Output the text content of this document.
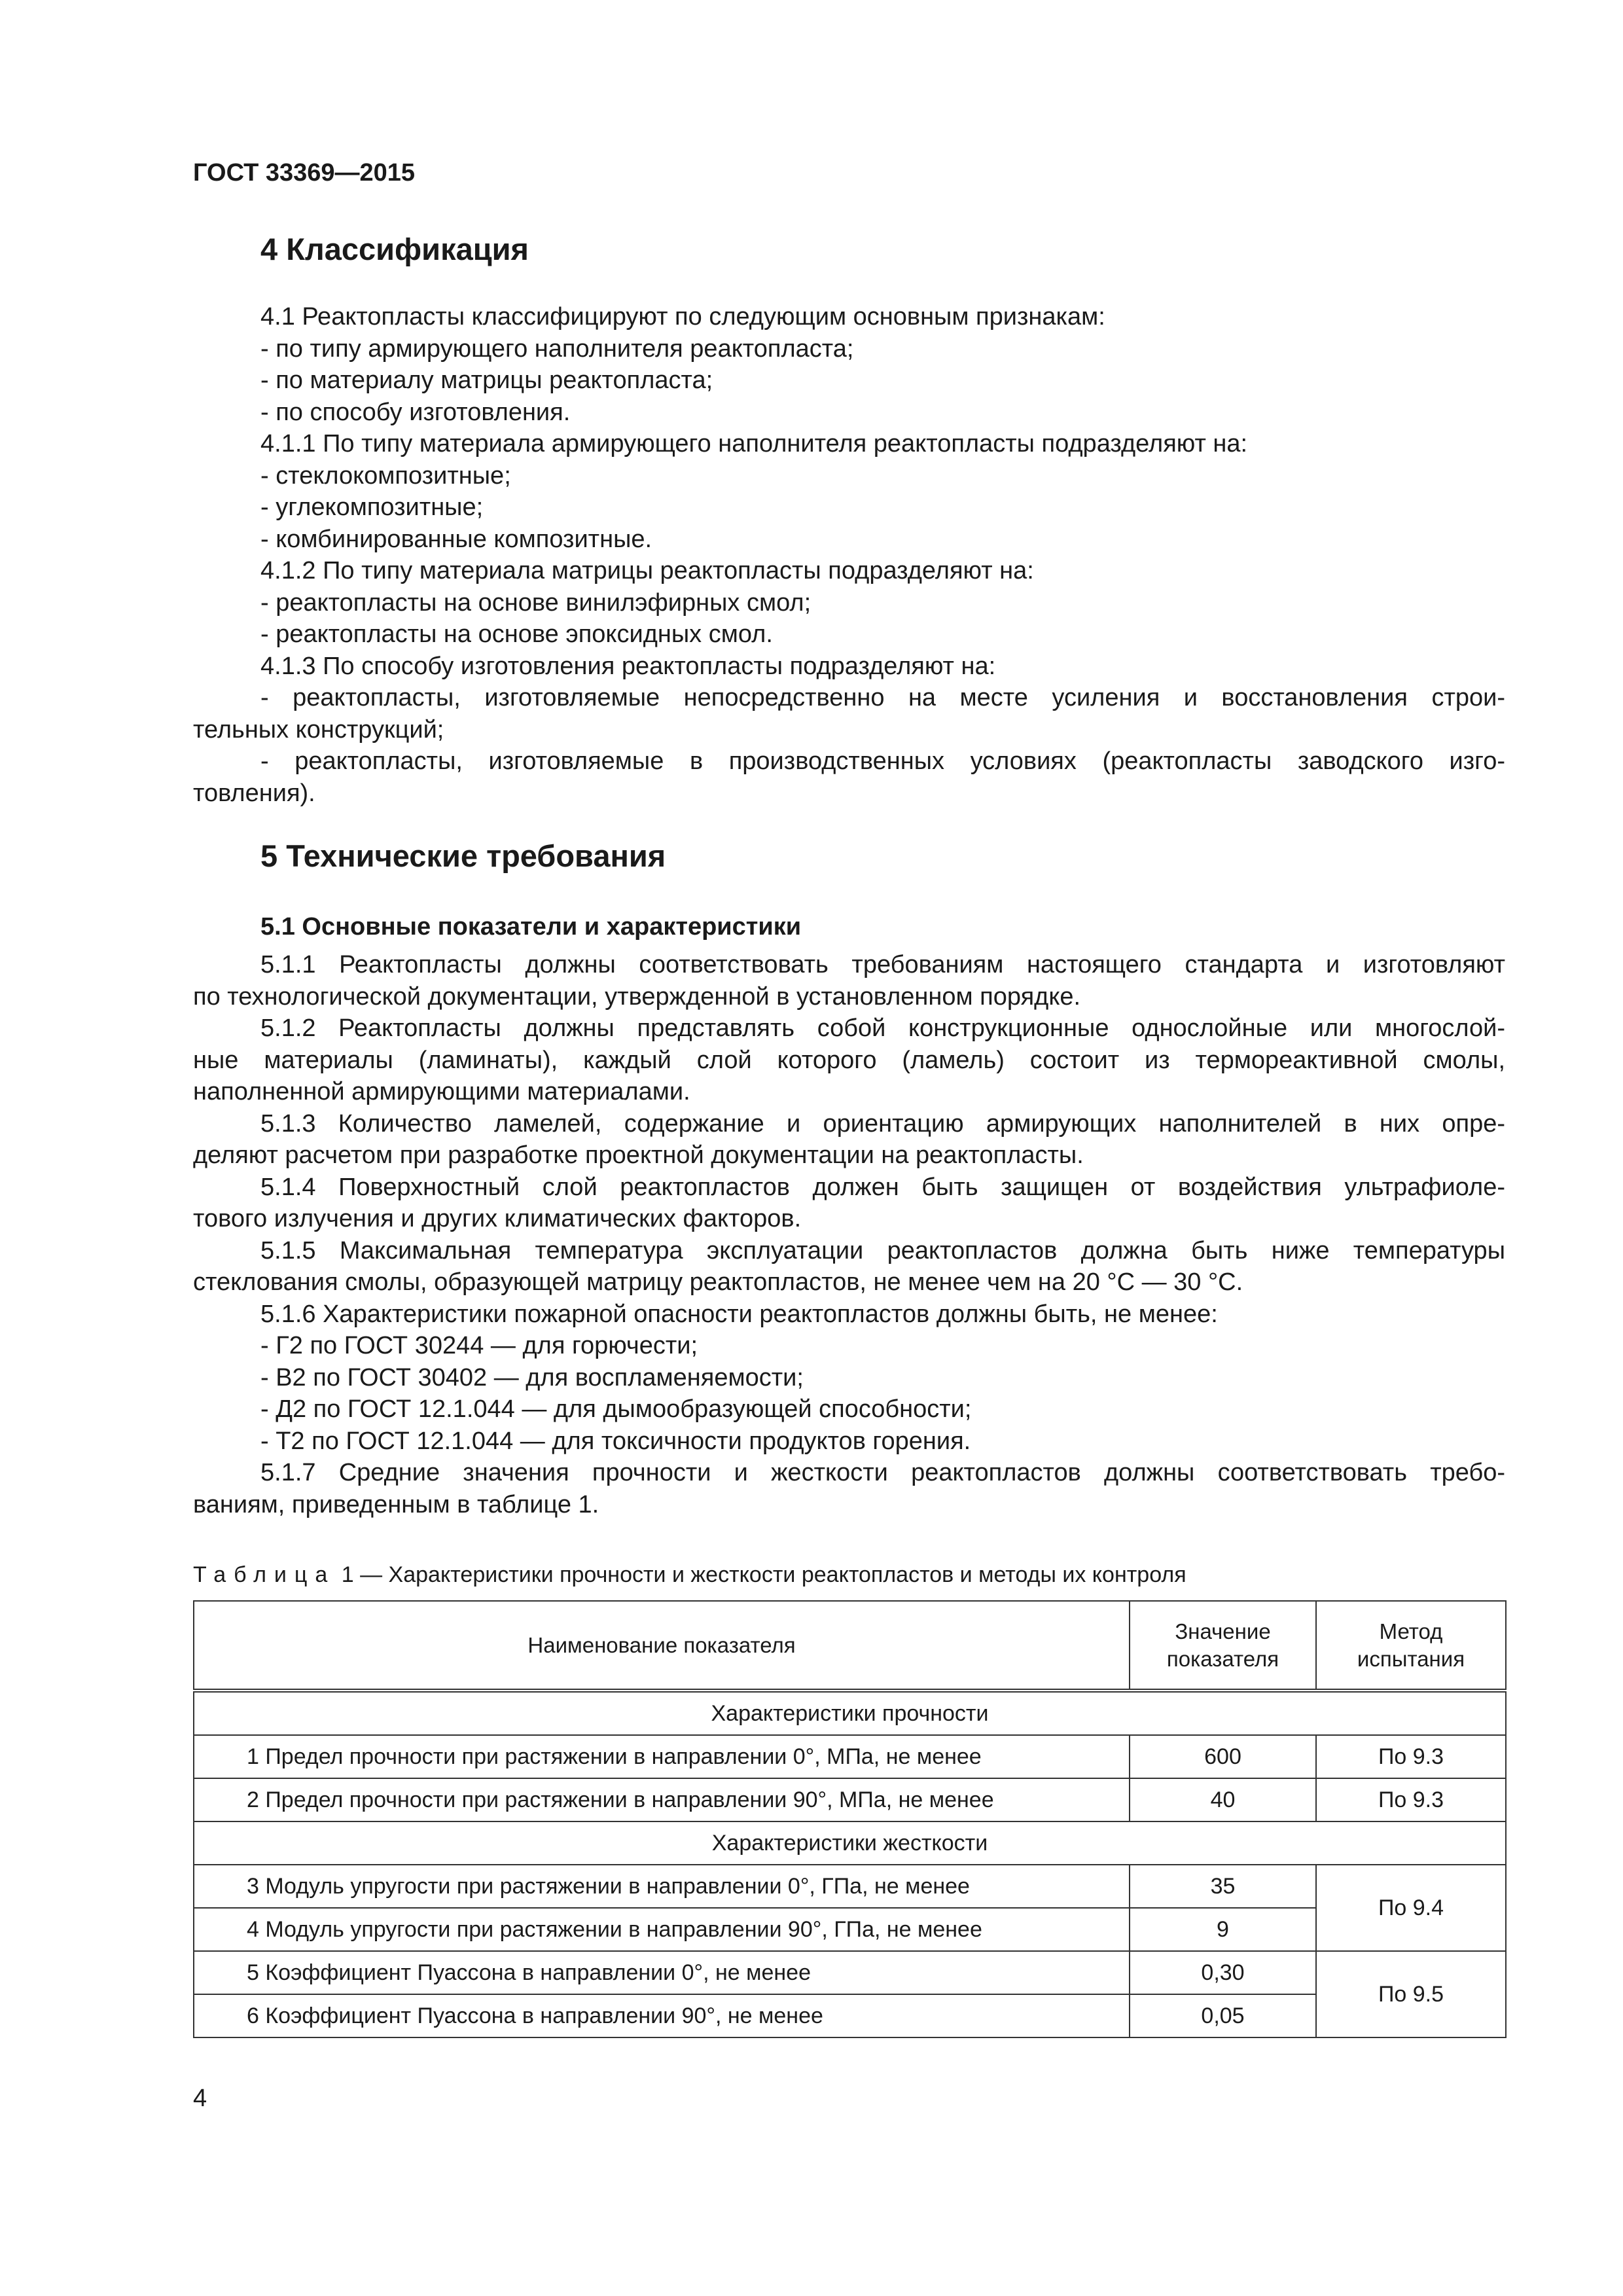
ГОСТ 33369—2015
4 Классификация

4.1 Реактопласты классифицируют по следующим основным признакам:

- по типу армирующего наполнителя реактопласта;

- по материалу матрицы реактопласта;

- по способу изготовления.

4.1.1 По типу материала армирующего наполнителя реактопласты подразделяют на:

- стеклокомпозитные;

- углекомпозитные;

- комбинированные композитные.

4.1.2 По типу материала матрицы реактопласты подразделяют на:

- реактопласты на основе винилэфирных смол;

- реактопласты на основе эпоксидных смол.

4.1.3 По способу изготовления реактопласты подразделяют на:

- реактопласты, изготовляемые непосредственно на месте усиления и восстановления строи-

тельных конструкций;

- реактопласты, изготовляемые в производственных условиях (реактопласты заводского изго-

товления).

5 Технические требования
5.1 Основные показатели и характеристики

5.1.1 Реактопласты должны соответствовать требованиям настоящего стандарта и изготовляют

по технологической документации, утвержденной в установленном порядке.

5.1.2 Реактопласты должны представлять собой конструкционные однослойные или многослой-

ные материалы (ламинаты), каждый слой которого (ламель) состоит из термореактивной смолы,

наполненной армирующими материалами.

5.1.3 Количество ламелей, содержание и ориентацию армирующих наполнителей в них опре-

деляют расчетом при разработке проектной документации на реактопласты.

5.1.4 Поверхностный слой реактопластов должен быть защищен от воздействия ультрафиоле-

тового излучения и других климатических факторов.

5.1.5 Максимальная температура эксплуатации реактопластов должна быть ниже температуры

стеклования смолы, образующей матрицу реактопластов, не менее чем на 20 °С — 30 °С.

5.1.6 Характеристики пожарной опасности реактопластов должны быть, не менее:

- Г2 по ГОСТ 30244 — для горючести;

- В2 по ГОСТ 30402 — для воспламеняемости;

- Д2 по ГОСТ 12.1.044 — для дымообразующей способности;

- Т2 по ГОСТ 12.1.044 — для токсичности продуктов горения.

5.1.7 Средние значения прочности и жесткости реактопластов должны соответствовать требо-

ваниям, приведенным в таблице 1.

Таблица 1 — Характеристики прочности и жесткости реактопластов и методы их контроля
Наименование показателя	Значение показателя	Метод испытания
Характеристики прочности		
1 Предел прочности при растяжении в направлении 0°, МПа, не менее	600	По 9.3
2 Предел прочности при растяжении в направлении 90°, МПа, не менее	40	По 9.3
Характеристики жесткости		
3 Модуль упругости при растяжении в направлении 0°, ГПа, не менее	35	По 9.4
4 Модуль упругости при растяжении в направлении 90°, ГПа, не менее	9	
5 Коэффициент Пуассона в направлении 0°, не менее	0,30	По 9.5
6 Коэффициент Пуассона в направлении 90°, не менее	0,05	
4
